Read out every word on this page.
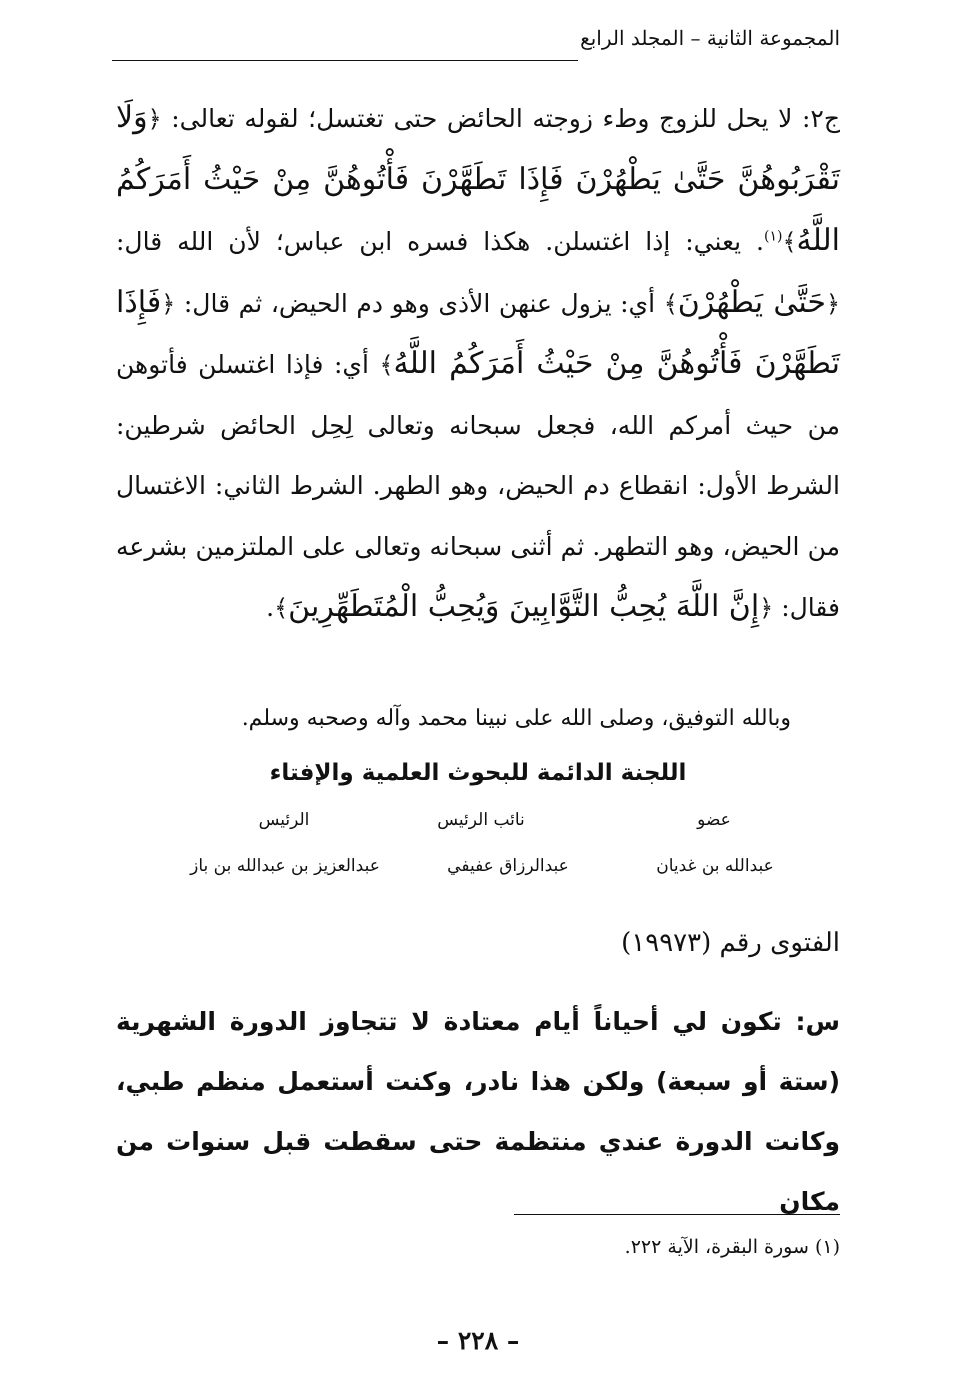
المجموعة الثانية – المجلد الرابع

ج٢: لا يحل للزوج وطء زوجته الحائض حتى تغتسل؛ لقوله تعالى: ﴿وَلَا تَقْرَبُوهُنَّ حَتَّىٰ يَطْهُرْنَ فَإِذَا تَطَهَّرْنَ فَأْتُوهُنَّ مِنْ حَيْثُ أَمَرَكُمُ اللَّهُ﴾$^{(١)}$. يعني: إذا اغتسلن. هكذا فسره ابن عباس؛ لأن الله قال: ﴿حَتَّىٰ يَطْهُرْنَ﴾ أي: يزول عنهن الأذى وهو دم الحيض، ثم قال: ﴿فَإِذَا تَطَهَّرْنَ فَأْتُوهُنَّ مِنْ حَيْثُ أَمَرَكُمُ اللَّهُ﴾ أي: فإذا اغتسلن فأتوهن من حيث أمركم الله، فجعل سبحانه وتعالى لِحِل الحائض شرطين: الشرط الأول: انقطاع دم الحيض، وهو الطهر. الشرط الثاني: الاغتسال من الحيض، وهو التطهر. ثم أثنى سبحانه وتعالى على الملتزمين بشرعه فقال: ﴿إِنَّ اللَّهَ يُحِبُّ التَّوَّابِينَ وَيُحِبُّ الْمُتَطَهِّرِينَ﴾.

وبالله التوفيق، وصلى الله على نبينا محمد وآله وصحبه وسلم.
اللجنة الدائمة للبحوث العلمية والإفتاء
عضو
عبدالله بن غديان
نائب الرئيس
عبدالرزاق عفيفي
الرئيس
عبدالعزيز بن عبدالله بن باز
الفتوى رقم (١٩٩٧٣)

س: تكون لي أحياناً أيام معتادة لا تتجاوز الدورة الشهرية

(ستة أو سبعة) ولكن هذا نادر، وكنت أستعمل منظم طبي،

وكانت الدورة عندي منتظمة حتى سقطت قبل سنوات من مكان

(١) سورة البقرة، الآية ٢٢٢.
– ٢٢٨ –
